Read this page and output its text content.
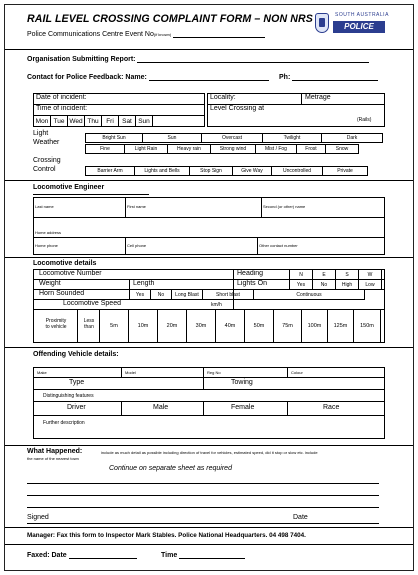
RAIL LEVEL CROSSING COMPLAINT FORM – NON NRS
Police Communications Centre Event No(if known)
SOUTH AUSTRALIA
POLICE
Organisation Submitting Report:
Contact for Police Feedback: Name:	Ph:
Date of incident:
Time of incident:
Locality:	Metrage
Level Crossing at
(Rails)
Light
Weather
Crossing
Control
Locomotive Engineer
Last name	First name	Second (or other) name
Home address
Home phone	Cell phone	Other contact number
Locomotive details
Locomotive Number	Heading
Weight	Length	Lights On
Horn Sounded
Locomotive Speed	km/h
Proximity
to vehicle
Less
than
Offending Vehicle details:
Make	Model	Reg No	Colour
Type	Towing
Distinguishing features
Driver	Male	Female	Race
Further description
What Happened:	include as much detail as possible including direction of travel for vehicles, estimated speed, did it stop or slow etc. include
the name of the nearest town
Continue on separate sheet as required
Signed	Date
Manager: Fax this form to Inspector Mark Stables. Police National Headquarters. 04 498 7404.
Faxed: Date	Time
Mon Tue Wed Thu	Fri	Sat Sun
Bright Sun	Sun	Overcast	Twilight	Dark
Fine	Light Rain	Heavy rain	Strong wind	Mist / Fog	Frost	Snow
Barrier Arm	Lights and Bells	Stop Sign	Give Way	Uncontrolled	Private
N	E	S	W
Yes	No	High	Low
Yes	No	Long Blast	Short blast	Continuous
5m	10m	20m	30m	40m	50m	75m	100m	125m	150m
